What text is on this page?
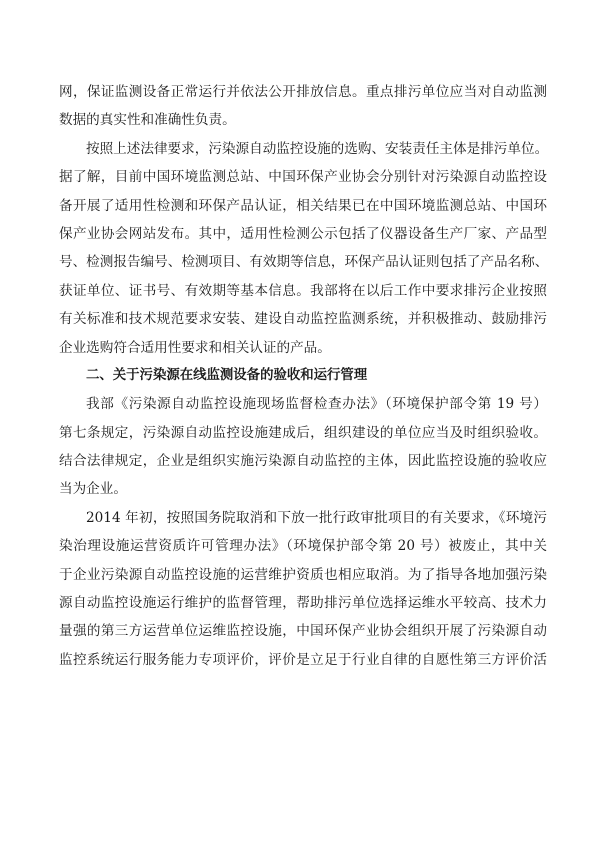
网，保证监测设备正常运行并依法公开排放信息。重点排污单位应当对自动监测
数据的真实性和准确性负责。
按照上述法律要求，污染源自动监控设施的选购、安装责任主体是排污单位。
据了解，目前中国环境监测总站、中国环保产业协会分别针对污染源自动监控设
备开展了适用性检测和环保产品认证，相关结果已在中国环境监测总站、中国环
保产业协会网站发布。其中，适用性检测公示包括了仪器设备生产厂家、产品型
号、检测报告编号、检测项目、有效期等信息，环保产品认证则包括了产品名称、
获证单位、证书号、有效期等基本信息。我部将在以后工作中要求排污企业按照
有关标准和技术规范要求安装、建设自动监控监测系统，并积极推动、鼓励排污
企业选购符合适用性要求和相关认证的产品。
二、关于污染源在线监测设备的验收和运行管理
我部《污染源自动监控设施现场监督检查办法》（环境保护部令第 19 号）
第七条规定，污染源自动监控设施建成后，组织建设的单位应当及时组织验收。
结合法律规定，企业是组织实施污染源自动监控的主体，因此监控设施的验收应
当为企业。
2014 年初，按照国务院取消和下放一批行政审批项目的有关要求，《环境污
染治理设施运营资质许可管理办法》（环境保护部令第 20 号）被废止，其中关
于企业污染源自动监控设施的运营维护资质也相应取消。为了指导各地加强污染
源自动监控设施运行维护的监督管理，帮助排污单位选择运维水平较高、技术力
量强的第三方运营单位运维监控设施，中国环保产业协会组织开展了污染源自动
监控系统运行服务能力专项评价，评价是立足于行业自律的自愿性第三方评价活
